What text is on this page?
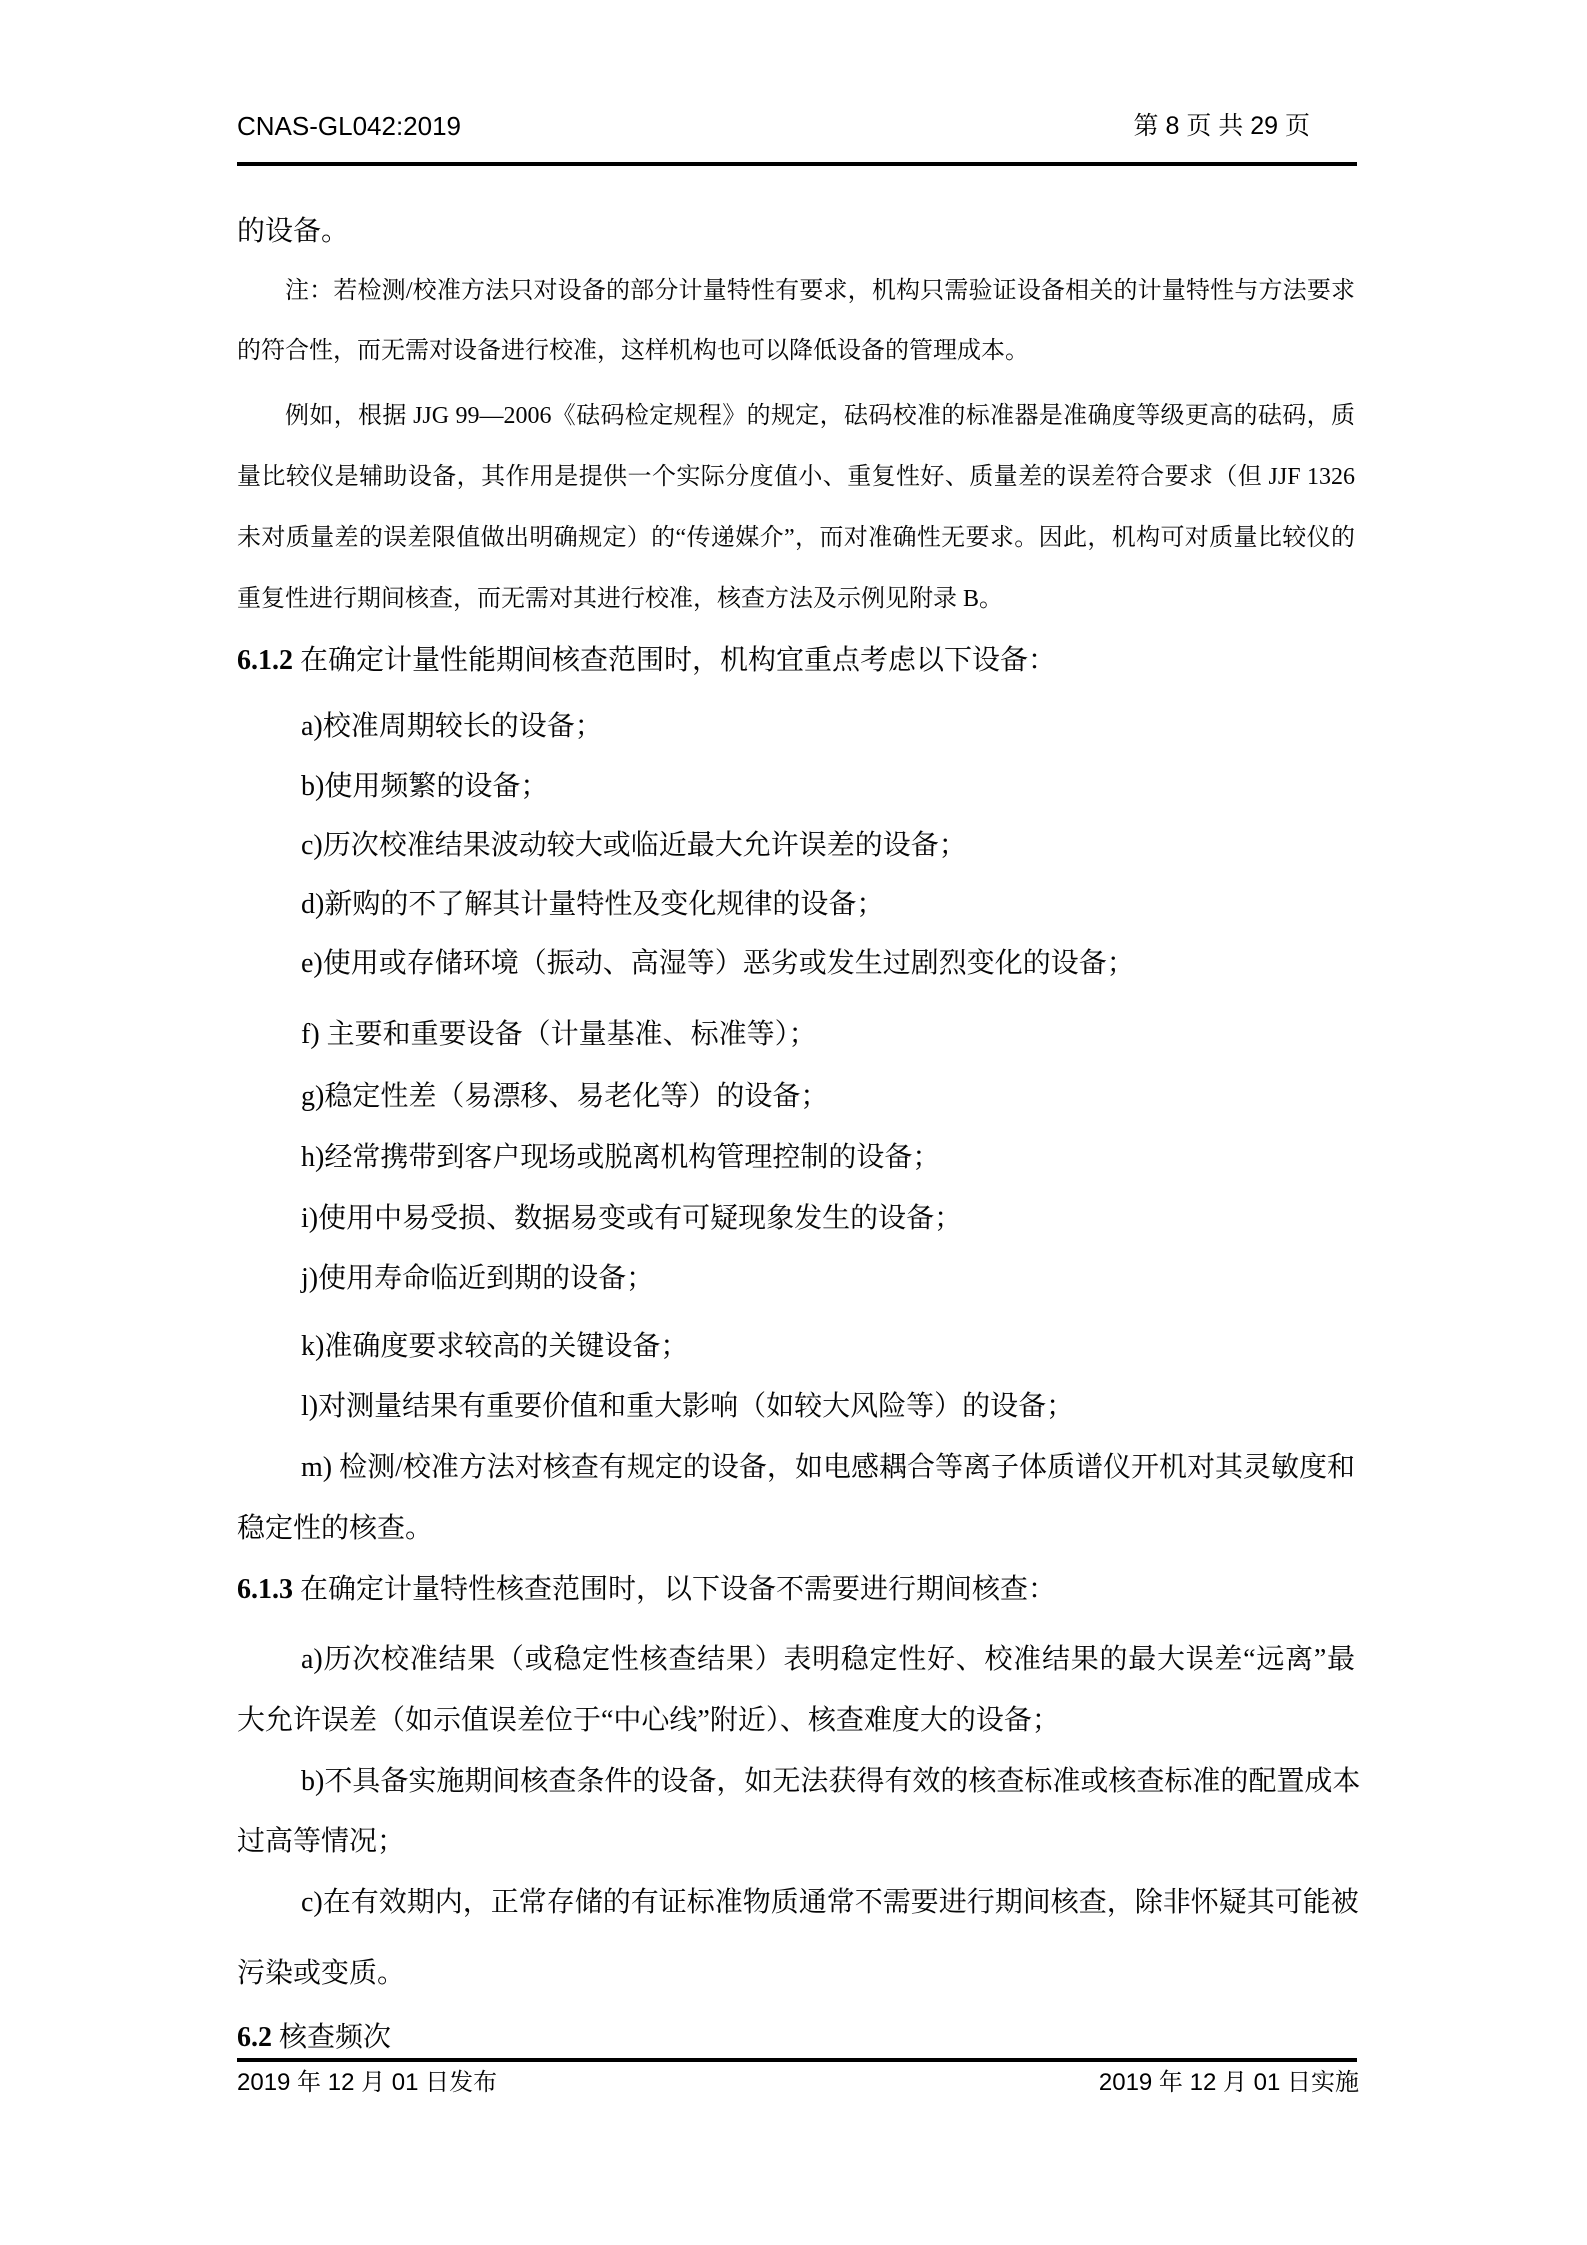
CNAS-GL042:2019	第 8 页 共 29 页
的设备。
注：若检测/校准方法只对设备的部分计量特性有要求，机构只需验证设备相关的计量特性与方法要求
的符合性，而无需对设备进行校准，这样机构也可以降低设备的管理成本。
例如，根据 JJG 99—2006《砝码检定规程》的规定，砝码校准的标准器是准确度等级更高的砝码，质
量比较仪是辅助设备，其作用是提供一个实际分度值小、重复性好、质量差的误差符合要求（但 JJF 1326
未对质量差的误差限值做出明确规定）的“传递媒介”，而对准确性无要求。因此，机构可对质量比较仪的
重复性进行期间核查，而无需对其进行校准，核查方法及示例见附录 B。
6.1.2 在确定计量性能期间核查范围时，机构宜重点考虑以下设备：
a)校准周期较长的设备；
b)使用频繁的设备；
c)历次校准结果波动较大或临近最大允许误差的设备；
d)新购的不了解其计量特性及变化规律的设备；
e)使用或存储环境（振动、高湿等）恶劣或发生过剧烈变化的设备；
f) 主要和重要设备（计量基准、标准等）；
g)稳定性差（易漂移、易老化等）的设备；
h)经常携带到客户现场或脱离机构管理控制的设备；
i)使用中易受损、数据易变或有可疑现象发生的设备；
j)使用寿命临近到期的设备；
k)准确度要求较高的关键设备；
l)对测量结果有重要价值和重大影响（如较大风险等）的设备；
m) 检测/校准方法对核查有规定的设备，如电感耦合等离子体质谱仪开机对其灵敏度和
稳定性的核查。
6.1.3 在确定计量特性核查范围时，以下设备不需要进行期间核查：
a)历次校准结果（或稳定性核查结果）表明稳定性好、校准结果的最大误差“远离”最
大允许误差（如示值误差位于“中心线”附近）、核查难度大的设备；
b)不具备实施期间核查条件的设备，如无法获得有效的核查标准或核查标准的配置成本
过高等情况；
c)在有效期内，正常存储的有证标准物质通常不需要进行期间核查，除非怀疑其可能被
污染或变质。
6.2 核查频次
2019 年 12 月 01 日发布	2019 年 12 月 01 日实施
